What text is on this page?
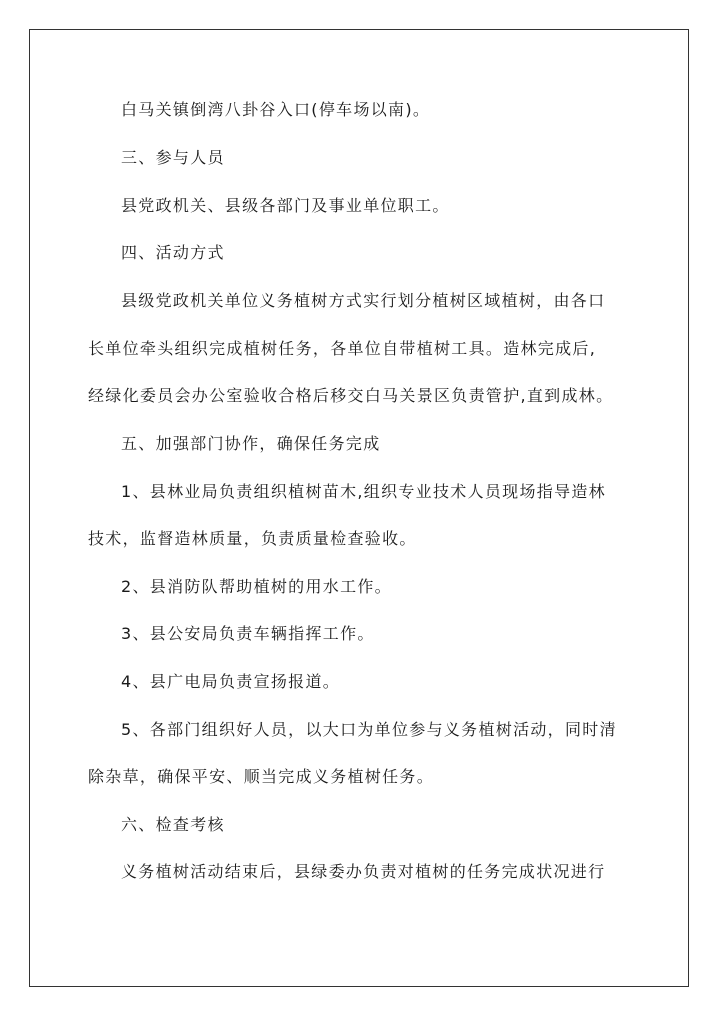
白马关镇倒湾八卦谷入口(停车场以南)。
三、参与人员
县党政机关、县级各部门及事业单位职工。
四、活动方式
县级党政机关单位义务植树方式实行划分植树区域植树，由各口
长单位牵头组织完成植树任务，各单位自带植树工具。造林完成后,
经绿化委员会办公室验收合格后移交白马关景区负责管护,直到成林。
五、加强部门协作，确保任务完成
1、县林业局负责组织植树苗木,组织专业技术人员现场指导造林
技术，监督造林质量，负责质量检查验收。
2、县消防队帮助植树的用水工作。
3、县公安局负责车辆指挥工作。
4、县广电局负责宣扬报道。
5、各部门组织好人员，以大口为单位参与义务植树活动，同时清
除杂草，确保平安、顺当完成义务植树任务。
六、检查考核
义务植树活动结束后，县绿委办负责对植树的任务完成状况进行
